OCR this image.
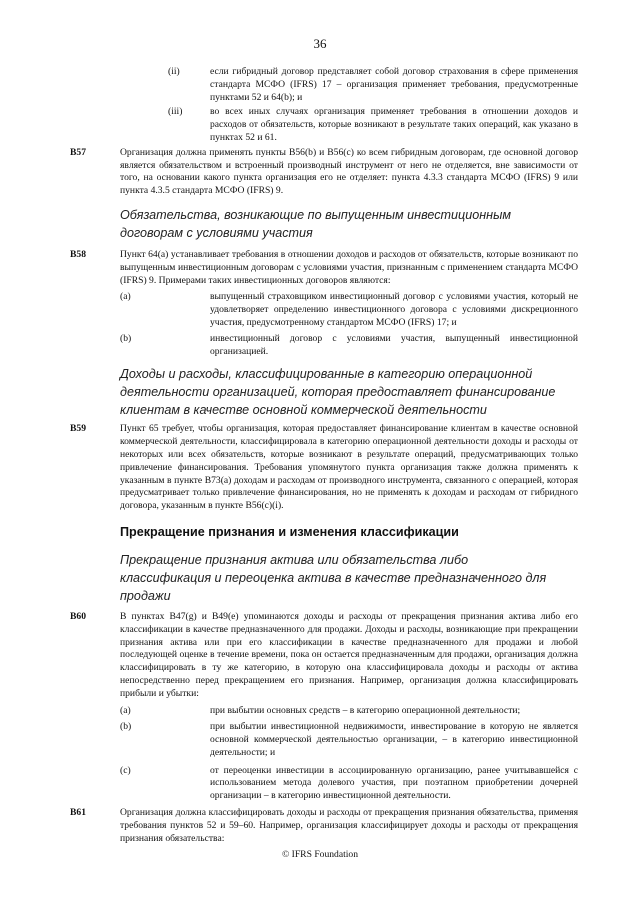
36
(ii)	если гибридный договор представляет собой договор страхования в сфере применения стандарта МСФО (IFRS) 17 – организация применяет требования, предусмотренные пунктами 52 и 64(b); и
(iii)	во всех иных случаях организация применяет требования в отношении доходов и расходов от обязательств, которые возникают в результате таких операций, как указано в пунктах 52 и 61.
B57	Организация должна применять пункты B56(b) и B56(c) ко всем гибридным договорам, где основной договор является обязательством и встроенный производный инструмент от него не отделяется, вне зависимости от того, на основании какого пункта организация его не отделяет: пункта 4.3.3 стандарта МСФО (IFRS) 9 или пункта 4.3.5 стандарта МСФО (IFRS) 9.
Обязательства, возникающие по выпущенным инвестиционным договорам с условиями участия
B58	Пункт 64(a) устанавливает требования в отношении доходов и расходов от обязательств, которые возникают по выпущенным инвестиционным договорам с условиями участия, признанным с применением стандарта МСФО (IFRS) 9. Примерами таких инвестиционных договоров являются:
(a)	выпущенный страховщиком инвестиционный договор с условиями участия, который не удовлетворяет определению инвестиционного договора с условиями дискреционного участия, предусмотренному стандартом МСФО (IFRS) 17; и
(b)	инвестиционный договор с условиями участия, выпущенный инвестиционной организацией.
Доходы и расходы, классифицированные в категорию операционной деятельности организацией, которая предоставляет финансирование клиентам в качестве основной коммерческой деятельности
B59	Пункт 65 требует, чтобы организация, которая предоставляет финансирование клиентам в качестве основной коммерческой деятельности, классифицировала в категорию операционной деятельности доходы и расходы от некоторых или всех обязательств, которые возникают в результате операций, предусматривающих только привлечение финансирования. Требования упомянутого пункта организация также должна применять к указанным в пункте B73(a) доходам и расходам от производного инструмента, связанного с операцией, которая предусматривает только привлечение финансирования, но не применять к доходам и расходам от гибридного договора, указанным в пункте B56(c)(i).
Прекращение признания и изменения классификации
Прекращение признания актива или обязательства либо классификация и переоценка актива в качестве предназначенного для продажи
B60	В пунктах B47(g) и B49(e) упоминаются доходы и расходы от прекращения признания актива либо его классификации в качестве предназначенного для продажи. Доходы и расходы, возникающие при прекращении признания актива или при его классификации в качестве предназначенного для продажи и любой последующей оценке в течение времени, пока он остается предназначенным для продажи, организация должна классифицировать в ту же категорию, в которую она классифицировала доходы и расходы от актива непосредственно перед прекращением его признания. Например, организация должна классифицировать прибыли и убытки:
(a)	при выбытии основных средств – в категорию операционной деятельности;
(b)	при выбытии инвестиционной недвижимости, инвестирование в которую не является основной коммерческой деятельностью организации, – в категорию инвестиционной деятельности; и
(c)	от переоценки инвестиции в ассоциированную организацию, ранее учитывавшейся с использованием метода долевого участия, при поэтапном приобретении дочерней организации – в категорию инвестиционной деятельности.
B61	Организация должна классифицировать доходы и расходы от прекращения признания обязательства, применяя требования пунктов 52 и 59–60. Например, организация классифицирует доходы и расходы от прекращения признания обязательства:
© IFRS Foundation
